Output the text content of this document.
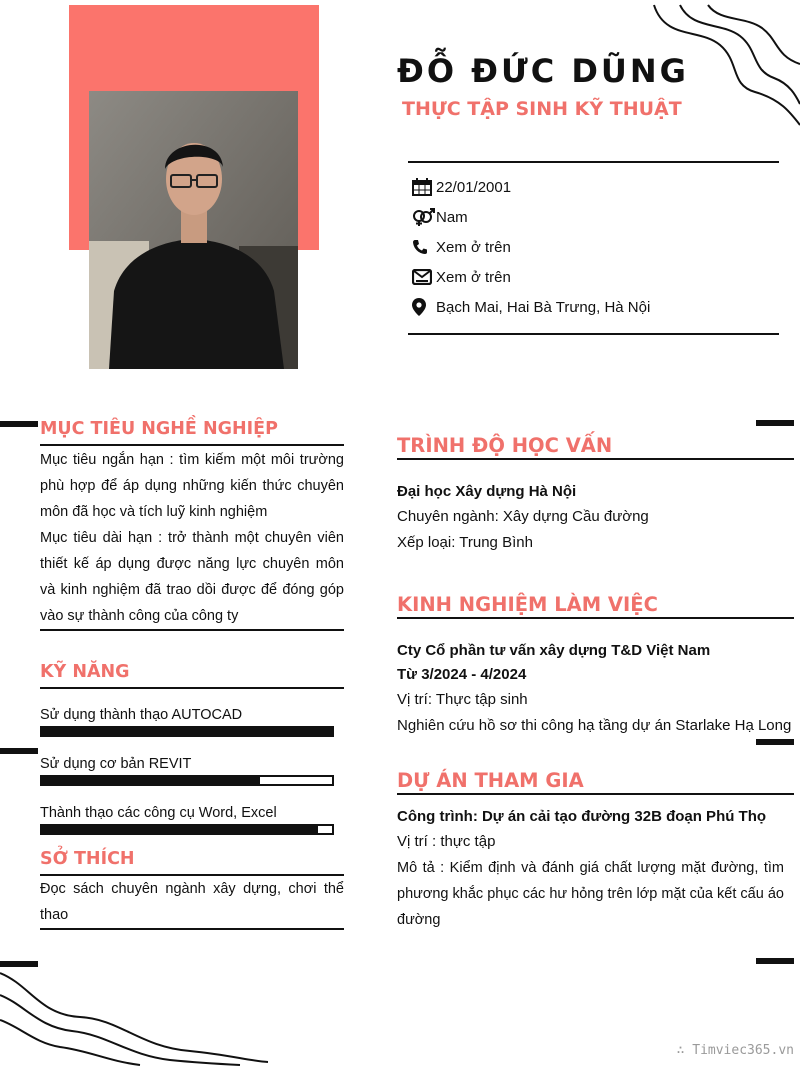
ĐỖ ĐỨC DŨNG
THỰC TẬP SINH KỸ THUẬT
22/01/2001
Nam
Xem ở trên
Xem ở trên
Bạch Mai, Hai Bà Trưng, Hà Nội
MỤC TIÊU NGHỀ NGHIỆP
Mục tiêu ngắn hạn : tìm kiếm một môi trường phù hợp để áp dụng những kiến thức chuyên môn đã học và tích luỹ kinh nghiệm
Mục tiêu dài hạn : trở thành một chuyên viên thiết kế áp dụng được năng lực chuyên môn và kinh nghiệm đã trao dồi được để đóng góp vào sự thành công của công ty
KỸ NĂNG
Sử dụng thành thạo AUTOCAD
Sử dụng cơ bản REVIT
Thành thạo các công cụ Word, Excel
SỞ THÍCH
Đọc sách chuyên ngành xây dựng, chơi thể thao
TRÌNH ĐỘ HỌC VẤN
Đại học Xây dựng Hà Nội
Chuyên ngành: Xây dựng Cầu đường
Xếp loại: Trung Bình
KINH NGHIỆM LÀM VIỆC
Cty Cổ phần tư vấn xây dựng T&D Việt Nam
Từ 3/2024 - 4/2024
Vị trí: Thực tập sinh
Nghiên cứu hồ sơ thi công hạ tầng dự án Starlake Hạ Long
DỰ ÁN THAM GIA
Công trình: Dự án cải tạo đường 32B đoạn Phú Thọ
Vị trí : thực tập
Mô tả : Kiểm định và đánh giá chất lượng mặt đường, tìm phương khắc phục các hư hỏng trên lớp mặt của kết cấu áo đường
∴ Timviec365.vn
